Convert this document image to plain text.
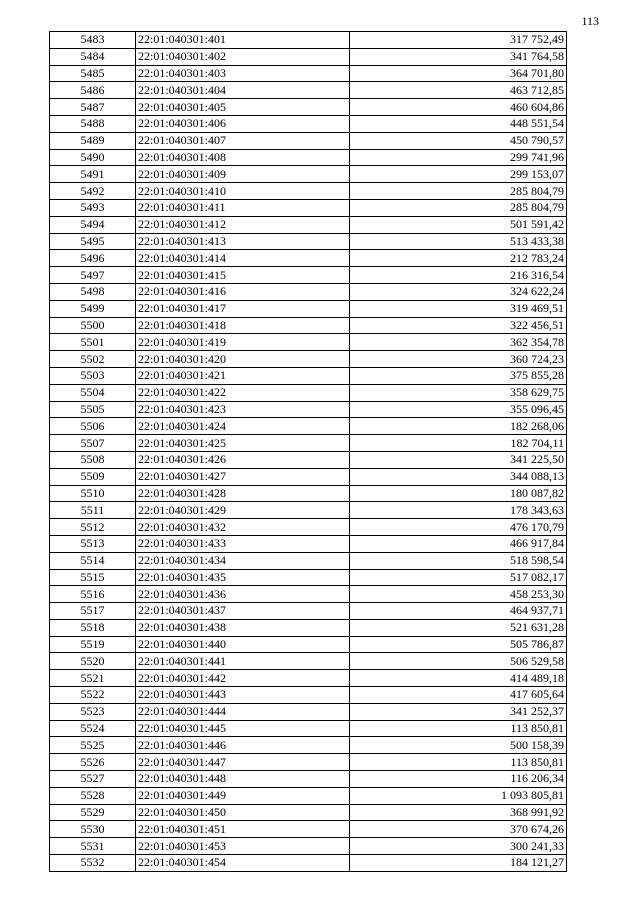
113
5483	22:01:040301:401	317 752,49
5484	22:01:040301:402	341 764,58
5485	22:01:040301:403	364 701,80
5486	22:01:040301:404	463 712,85
5487	22:01:040301:405	460 604,86
5488	22:01:040301:406	448 551,54
5489	22:01:040301:407	450 790,57
5490	22:01:040301:408	299 741,96
5491	22:01:040301:409	299 153,07
5492	22:01:040301:410	285 804,79
5493	22:01:040301:411	285 804,79
5494	22:01:040301:412	501 591,42
5495	22:01:040301:413	513 433,38
5496	22:01:040301:414	212 783,24
5497	22:01:040301:415	216 316,54
5498	22:01:040301:416	324 622,24
5499	22:01:040301:417	319 469,51
5500	22:01:040301:418	322 456,51
5501	22:01:040301:419	362 354,78
5502	22:01:040301:420	360 724,23
5503	22:01:040301:421	375 855,28
5504	22:01:040301:422	358 629,75
5505	22:01:040301:423	355 096,45
5506	22:01:040301:424	182 268,06
5507	22:01:040301:425	182 704,11
5508	22:01:040301:426	341 225,50
5509	22:01:040301:427	344 088,13
5510	22:01:040301:428	180 087,82
5511	22:01:040301:429	178 343,63
5512	22:01:040301:432	476 170,79
5513	22:01:040301:433	466 917,84
5514	22:01:040301:434	518 598,54
5515	22:01:040301:435	517 082,17
5516	22:01:040301:436	458 253,30
5517	22:01:040301:437	464 937,71
5518	22:01:040301:438	521 631,28
5519	22:01:040301:440	505 786,87
5520	22:01:040301:441	506 529,58
5521	22:01:040301:442	414 489,18
5522	22:01:040301:443	417 605,64
5523	22:01:040301:444	341 252,37
5524	22:01:040301:445	113 850,81
5525	22:01:040301:446	500 158,39
5526	22:01:040301:447	113 850,81
5527	22:01:040301:448	116 206,34
5528	22:01:040301:449	1 093 805,81
5529	22:01:040301:450	368 991,92
5530	22:01:040301:451	370 674,26
5531	22:01:040301:453	300 241,33
5532	22:01:040301:454	184 121,27
